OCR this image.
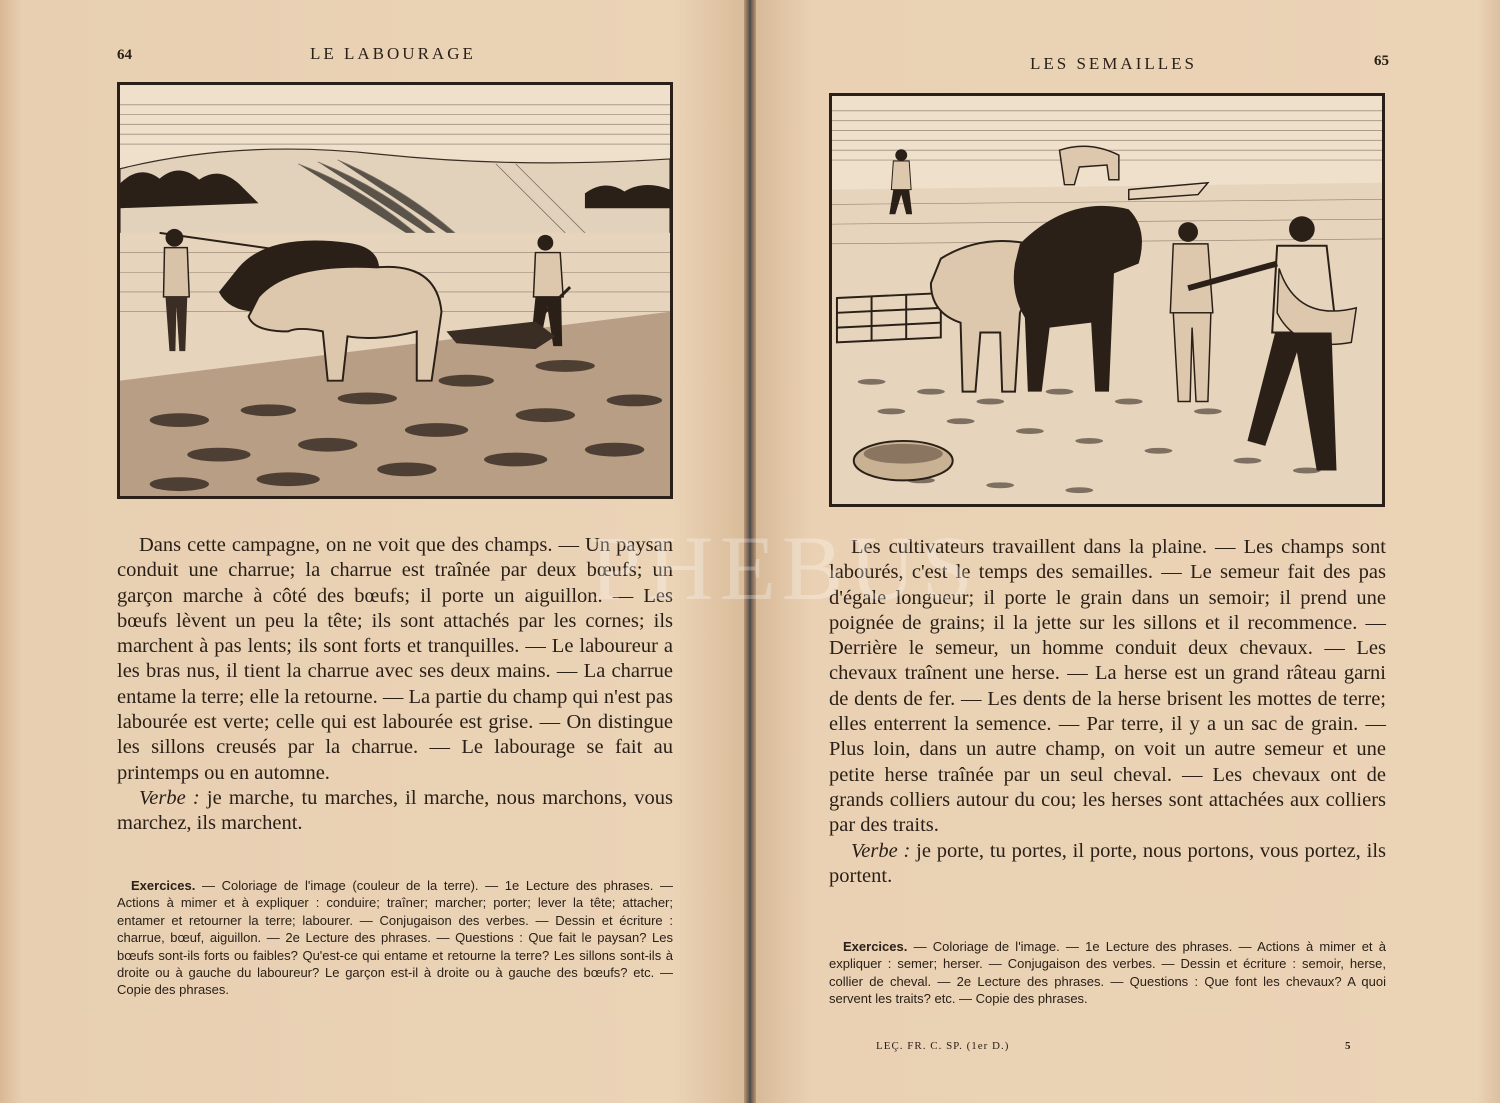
64	LE LABOURAGE

Dans cette campagne, on ne voit que des champs. — Un paysan conduit une charrue; la charrue est traînée par deux bœufs; un garçon marche à côté des bœufs; il porte un aiguillon. — Les bœufs lèvent un peu la tête; ils sont attachés par les cornes; ils marchent à pas lents; ils sont forts et tranquilles. — Le laboureur a les bras nus, il tient la charrue avec ses deux mains. — La charrue entame la terre; elle la retourne. — La partie du champ qui n'est pas labourée est verte; celle qui est labourée est grise. — On distingue les sillons creusés par la charrue. — Le labourage se fait au printemps ou en automne.

Verbe : je marche, tu marches, il marche, nous marchons, vous marchez, ils marchent.

Exercices. — Coloriage de l'image (couleur de la terre). — 1e Lecture des phrases. — Actions à mimer et à expliquer : conduire; traîner; marcher; porter; lever la tête; attacher; entamer et retourner la terre; labourer. — Conjugaison des verbes. — Dessin et écriture : charrue, bœuf, aiguillon. — 2e Lecture des phrases. — Questions : Que fait le paysan? Les bœufs sont-ils forts ou faibles? Qu'est-ce qui entame et retourne la terre? Les sillons sont-ils à droite ou à gauche du laboureur? Le garçon est-il à droite ou à gauche des bœufs? etc. — Copie des phrases.
LES SEMAILLES	65

Les cultivateurs travaillent dans la plaine. — Les champs sont labourés, c'est le temps des semailles. — Le semeur fait des pas d'égale longueur; il porte le grain dans un semoir; il prend une poignée de grains; il la jette sur les sillons et il recommence. — Derrière le semeur, un homme conduit deux chevaux. — Les chevaux traînent une herse. — La herse est un grand râteau garni de dents de fer. — Les dents de la herse brisent les mottes de terre; elles enterrent la semence. — Par terre, il y a un sac de grain. — Plus loin, dans un autre champ, on voit un autre semeur et une petite herse traînée par un seul cheval. — Les chevaux ont de grands colliers autour du cou; les herses sont attachées aux colliers par des traits.

Verbe : je porte, tu portes, il porte, nous portons, vous portez, ils portent.

Exercices. — Coloriage de l'image. — 1e Lecture des phrases. — Actions à mimer et à expliquer : semer; herser. — Conjugaison des verbes. — Dessin et écriture : semoir, herse, collier de cheval. — 2e Lecture des phrases. — Questions : Que font les chevaux? A quoi servent les traits? etc. — Copie des phrases.
LEÇ. FR. C. SP. (1er D.)	5
PHEBUS
